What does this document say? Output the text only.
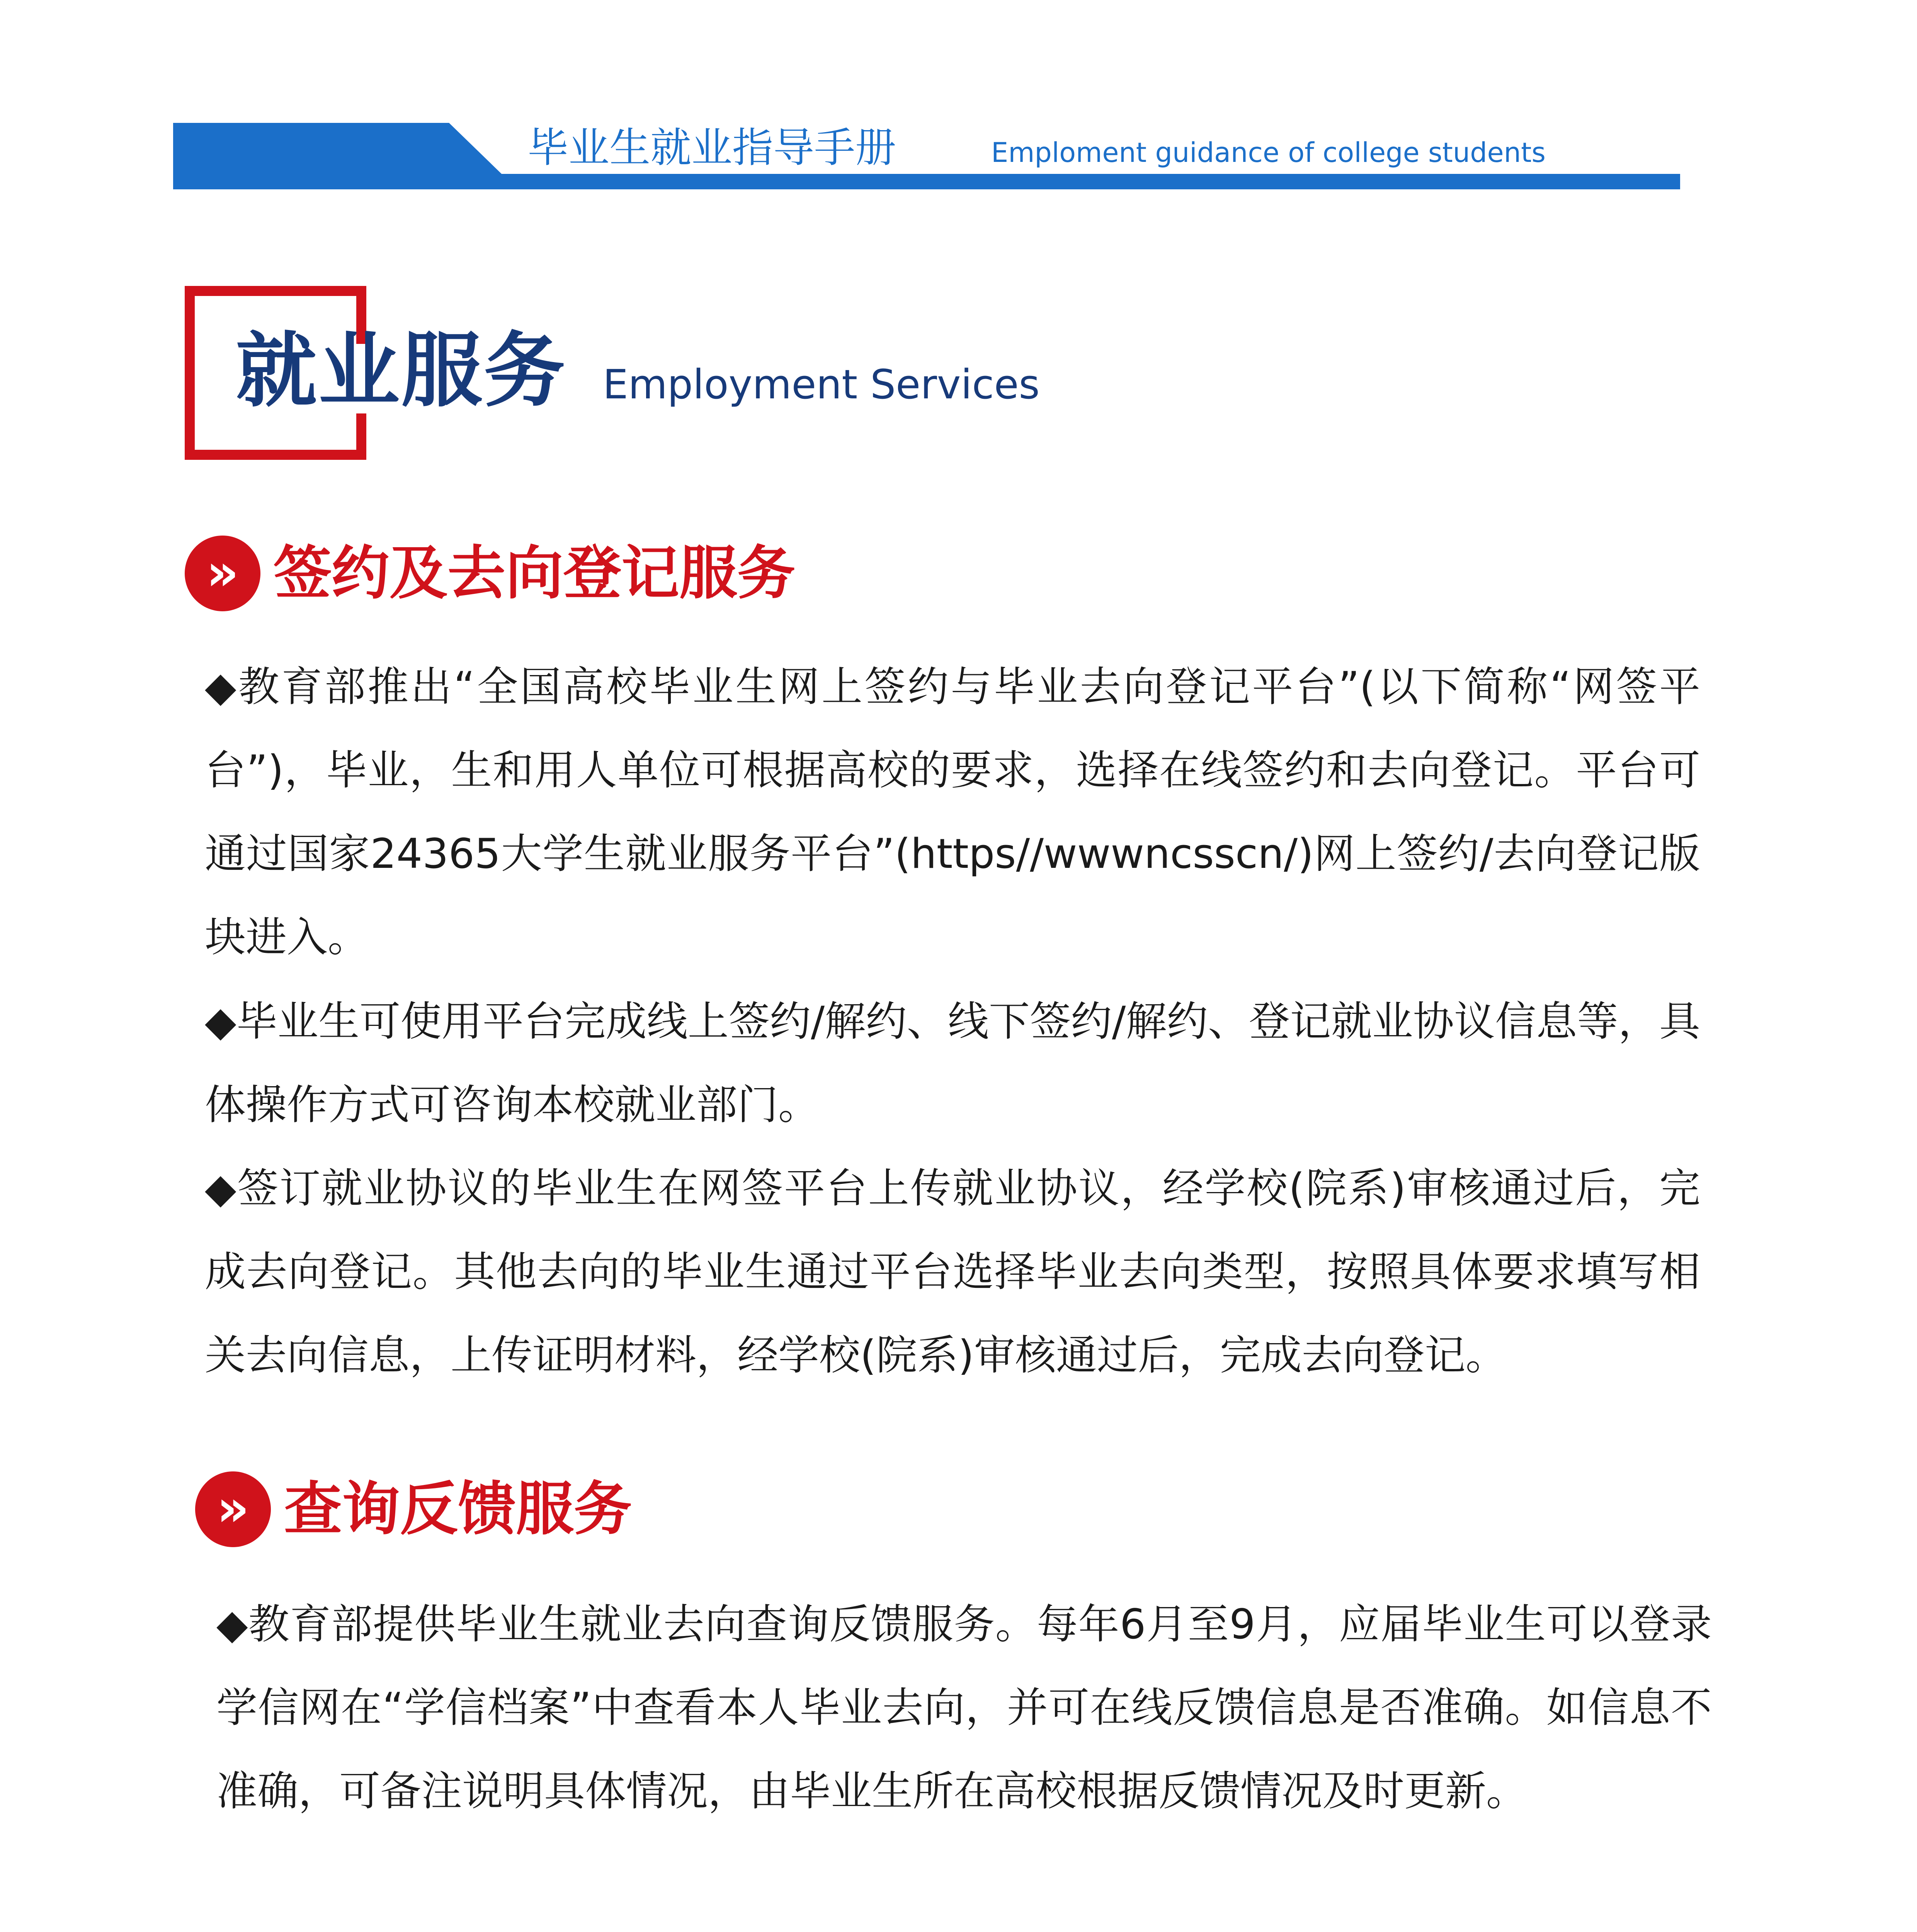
毕业生就业指导手册	Emploment guidance of college students
就业服务 Employment Services
» 签约及去向登记服务
◆教育部推出“全国高校毕业生网上签约与毕业去向登记平台”(以下简称“网签平台”)，毕业，生和用人单位可根据高校的要求，选择在线签约和去向登记。平台可通过国家24365大学生就业服务平台”(https//wwwncsscn/)网上签约/去向登记版块进入。
◆毕业生可使用平台完成线上签约/解约、线下签约/解约、登记就业协议信息等，具体操作方式可咨询本校就业部门。
◆签订就业协议的毕业生在网签平台上传就业协议，经学校(院系)审核通过后，完成去向登记。其他去向的毕业生通过平台选择毕业去向类型，按照具体要求填写相关去向信息，上传证明材料，经学校(院系)审核通过后，完成去向登记。
» 查询反馈服务
◆教育部提供毕业生就业去向查询反馈服务。每年6月至9月，应届毕业生可以登录学信网在“学信档案”中查看本人毕业去向，并可在线反馈信息是否准确。如信息不准确，可备注说明具体情况，由毕业生所在高校根据反馈情况及时更新。
